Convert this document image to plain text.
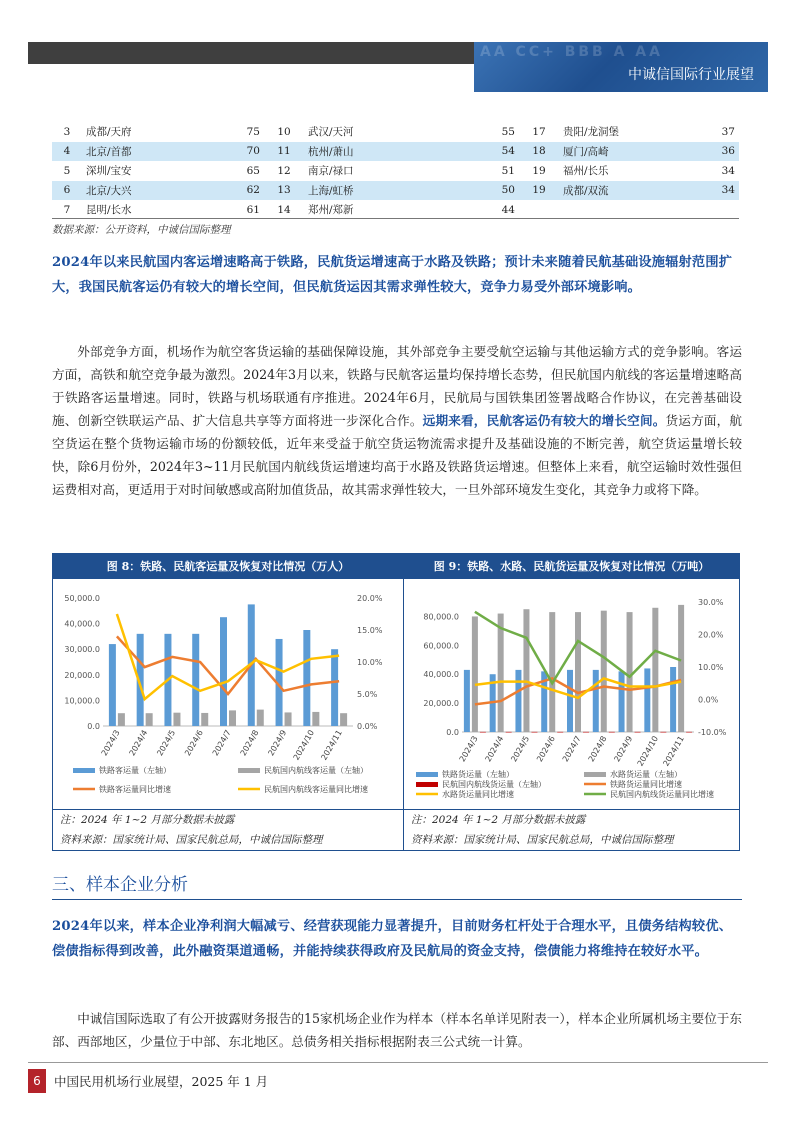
AA CC+ BBB A AA
中诚信国际行业展望
3	成都/天府	75	10	武汉/天河	55	17	贵阳/龙洞堡	37
4	北京/首都	70	11	杭州/萧山	54	18	厦门/高崎	36
5	深圳/宝安	65	12	南京/禄口	51	19	福州/长乐	34
6	北京/大兴	62	13	上海/虹桥	50	19	成都/双流	34
7	昆明/长水	61	14	郑州/郑新	44			
数据来源：公开资料，中诚信国际整理
2024年以来民航国内客运增速略高于铁路，民航货运增速高于水路及铁路；预计未来随着民航基础设施辐射范围扩大，我国民航客运仍有较大的增长空间，但民航货运因其需求弹性较大，竞争力易受外部环境影响。
外部竞争方面，机场作为航空客货运输的基础保障设施，其外部竞争主要受航空运输与其他运输方式的竞争影响。客运方面，高铁和航空竞争最为激烈。2024年3月以来，铁路与民航客运量均保持增长态势，但民航国内航线的客运量增速略高于铁路客运量增速。同时，铁路与机场联通有序推进。2024年6月，民航局与国铁集团签署战略合作协议，在完善基础设施、创新空铁联运产品、扩大信息共享等方面将进一步深化合作。远期来看，民航客运仍有较大的增长空间。货运方面，航空货运在整个货物运输市场的份额较低，近年来受益于航空货运物流需求提升及基础设施的不断完善，航空货运量增长较快，除6月份外，2024年3~11月民航国内航线货运增速均高于水路及铁路货运增速。但整体上来看，航空运输时效性强但运费相对高，更适用于对时间敏感或高附加值货品，故其需求弹性较大，一旦外部环境发生变化，其竞争力或将下降。
图 8：铁路、民航客运量及恢复对比情况（万人）	图 9：铁路、水路、民航货运量及恢复对比情况（万吨）
0.0
10,000.0
20,000.0
30,000.0
40,000.0
50,000.0
0.0%
5.0%
10.0%
15.0%
20.0%
2024/3 2024/4 2024/5 2024/6 2024/7 2024/8 2024/9 2024/10 2024/11
铁路客运量（左轴）	民航国内航线客运量（左轴）
铁路客运量同比增速	民航国内航线客运量同比增速
0.0
20,000.0
40,000.0
60,000.0
80,000.0
-10.0%
0.0%
10.0%
20.0%
30.0%
2024/3 2024/4 2024/5 2024/6 2024/7 2024/8 2024/9 2024/10 2024/11
铁路货运量（左轴）	水路货运量（左轴）
民航国内航线货运量（左轴）	铁路货运量同比增速
水路货运量同比增速	民航国内航线货运量同比增速
注：2024 年 1~2 月部分数据未披露	注：2024 年 1~2 月部分数据未披露
资料来源：国家统计局、国家民航总局，中诚信国际整理	资料来源：国家统计局、国家民航总局，中诚信国际整理
三、样本企业分析
2024年以来，样本企业净利润大幅减亏、经营获现能力显著提升，目前财务杠杆处于合理水平，且债务结构较优、偿债指标得到改善，此外融资渠道通畅，并能持续获得政府及民航局的资金支持，偿债能力将维持在较好水平。
中诚信国际选取了有公开披露财务报告的15家机场企业作为样本（样本名单详见附表一），样本企业所属机场主要位于东部、西部地区，少量位于中部、东北地区。总债务相关指标根据附表三公式统一计算。
6	中国民用机场行业展望，2025 年 1 月
